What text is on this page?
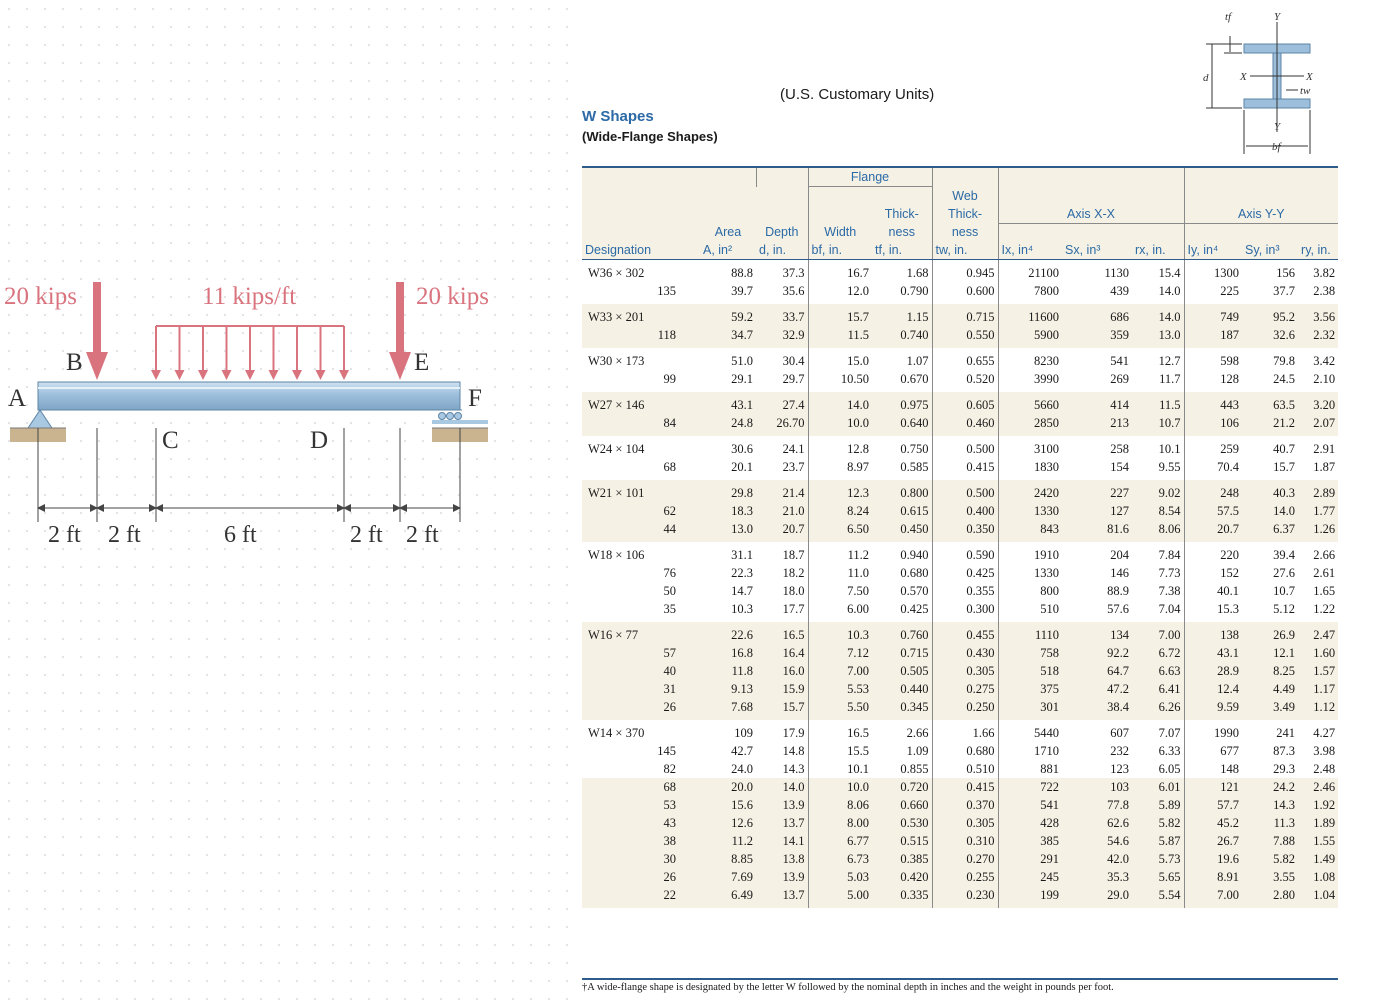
20 kips	11 kips/ft	20 kips
A
B
C	D
E
F
2 ft 2 ft	6 ft	2 ft 2 ft
(U.S. Customary Units)
W Shapes
(Wide-Flange Shapes)
tf
d
Y
X	X
tw
Y
bf
			Flange								
					Web						
				Thick-	Thick-	Axis X-X			Axis Y-Y		
	Area	Depth	Width	ness	ness						
Designation	A, in²	d, in.	bf, in.	tf, in.	tw, in.	Ix, in⁴	Sx, in³	rx, in.	Iy, in⁴	Sy, in³	ry, in.
W36 × 302	88.8	37.3	16.7	1.68	0.945	21100	1130	15.4	1300	156	3.82
135	39.7	35.6	12.0	0.790	0.600	7800	439	14.0	225	37.7	2.38
W33 × 201	59.2	33.7	15.7	1.15	0.715	11600	686	14.0	749	95.2	3.56
118	34.7	32.9	11.5	0.740	0.550	5900	359	13.0	187	32.6	2.32
W30 × 173	51.0	30.4	15.0	1.07	0.655	8230	541	12.7	598	79.8	3.42
99	29.1	29.7	10.50	0.670	0.520	3990	269	11.7	128	24.5	2.10
W27 × 146	43.1	27.4	14.0	0.975	0.605	5660	414	11.5	443	63.5	3.20
84	24.8	26.70	10.0	0.640	0.460	2850	213	10.7	106	21.2	2.07
W24 × 104	30.6	24.1	12.8	0.750	0.500	3100	258	10.1	259	40.7	2.91
68	20.1	23.7	8.97	0.585	0.415	1830	154	9.55	70.4	15.7	1.87
W21 × 101	29.8	21.4	12.3	0.800	0.500	2420	227	9.02	248	40.3	2.89
62	18.3	21.0	8.24	0.615	0.400	1330	127	8.54	57.5	14.0	1.77
44	13.0	20.7	6.50	0.450	0.350	843	81.6	8.06	20.7	6.37	1.26
W18 × 106	31.1	18.7	11.2	0.940	0.590	1910	204	7.84	220	39.4	2.66
76	22.3	18.2	11.0	0.680	0.425	1330	146	7.73	152	27.6	2.61
50	14.7	18.0	7.50	0.570	0.355	800	88.9	7.38	40.1	10.7	1.65
35	10.3	17.7	6.00	0.425	0.300	510	57.6	7.04	15.3	5.12	1.22
W16 × 77	22.6	16.5	10.3	0.760	0.455	1110	134	7.00	138	26.9	2.47
57	16.8	16.4	7.12	0.715	0.430	758	92.2	6.72	43.1	12.1	1.60
40	11.8	16.0	7.00	0.505	0.305	518	64.7	6.63	28.9	8.25	1.57
31	9.13	15.9	5.53	0.440	0.275	375	47.2	6.41	12.4	4.49	1.17
26	7.68	15.7	5.50	0.345	0.250	301	38.4	6.26	9.59	3.49	1.12
W14 × 370	109	17.9	16.5	2.66	1.66	5440	607	7.07	1990	241	4.27
145	42.7	14.8	15.5	1.09	0.680	1710	232	6.33	677	87.3	3.98
82	24.0	14.3	10.1	0.855	0.510	881	123	6.05	148	29.3	2.48
68	20.0	14.0	10.0	0.720	0.415	722	103	6.01	121	24.2	2.46
53	15.6	13.9	8.06	0.660	0.370	541	77.8	5.89	57.7	14.3	1.92
43	12.6	13.7	8.00	0.530	0.305	428	62.6	5.82	45.2	11.3	1.89
38	11.2	14.1	6.77	0.515	0.310	385	54.6	5.87	26.7	7.88	1.55
30	8.85	13.8	6.73	0.385	0.270	291	42.0	5.73	19.6	5.82	1.49
26	7.69	13.9	5.03	0.420	0.255	245	35.3	5.65	8.91	3.55	1.08
22	6.49	13.7	5.00	0.335	0.230	199	29.0	5.54	7.00	2.80	1.04
†A wide-flange shape is designated by the letter W followed by the nominal depth in inches and the weight in pounds per foot.
